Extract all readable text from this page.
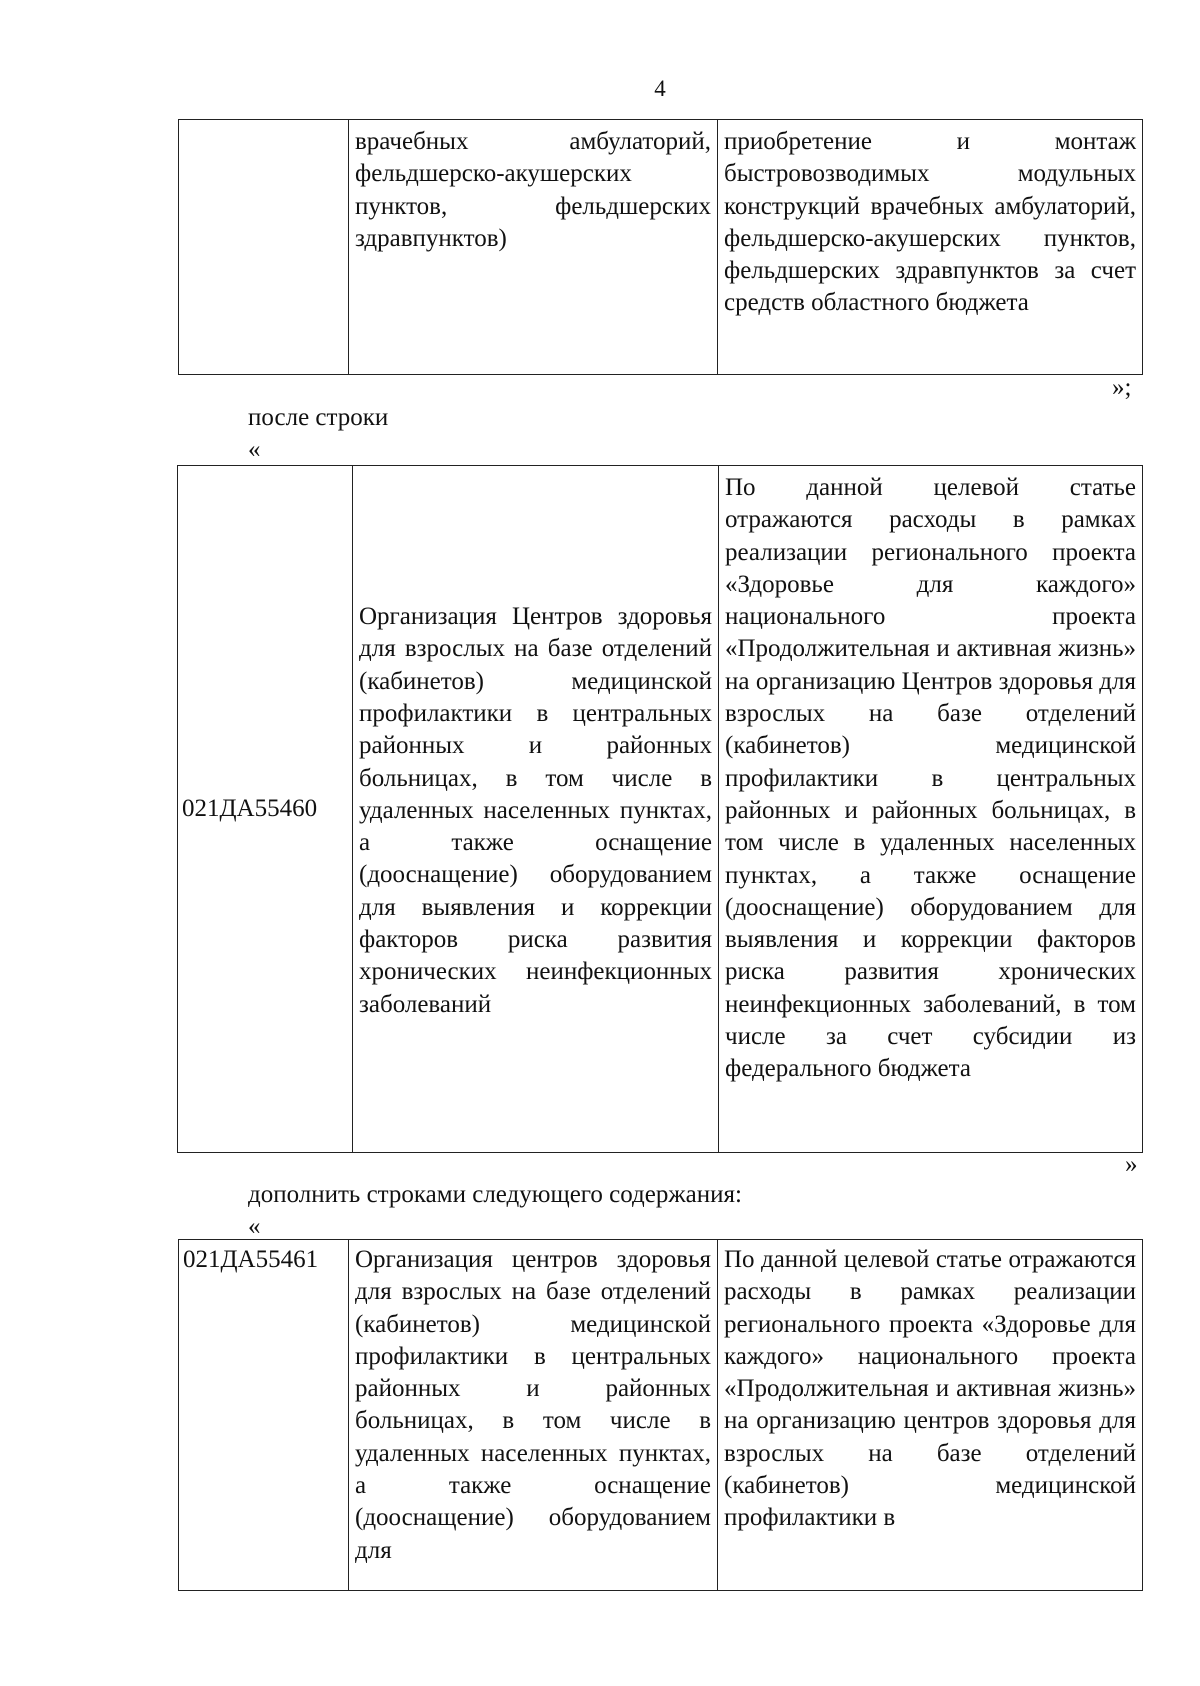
4
	врачебных амбулаторий, фельдшерско-акушерских пунктов, фельдшерских здравпунктов)	приобретение и монтаж быстровозводимых модульных конструкций врачебных амбулаторий, фельдшерско-акушерских пунктов, фельдшерских здравпунктов за счет средств областного бюджета
»;
после строки
«
021ДА55460	Организация Центров здоровья для взрослых на базе отделений (кабинетов) медицинской профилактики в центральных районных и районных больницах, в том числе в удаленных населенных пунктах, а также оснащение (дооснащение) оборудованием для выявления и коррекции факторов риска развития хронических неинфекционных заболеваний	По данной целевой статье отражаются расходы в рамках реализации регионального проекта «Здоровье для каждого» национального проекта «Продолжительная и активная жизнь» на организацию Центров здоровья для взрослых на базе отделений (кабинетов) медицинской профилактики в центральных районных и районных больницах, в том числе в удаленных населенных пунктах, а также оснащение (дооснащение) оборудованием для выявления и коррекции факторов риска развития хронических неинфекционных заболеваний, в том числе за счет субсидии из федерального бюджета
»
дополнить строками следующего содержания:
«
021ДА55461	Организация центров здоровья для взрослых на базе отделений (кабинетов) медицинской профилактики в центральных районных и районных больницах, в том числе в удаленных населенных пунктах, а также оснащение (дооснащение) оборудованием для	По данной целевой статье отражаются расходы в рамках реализации регионального проекта «Здоровье для каждого» национального проекта «Продолжительная и активная жизнь» на организацию центров здоровья для взрослых на базе отделений (кабинетов) медицинской профилактики в
